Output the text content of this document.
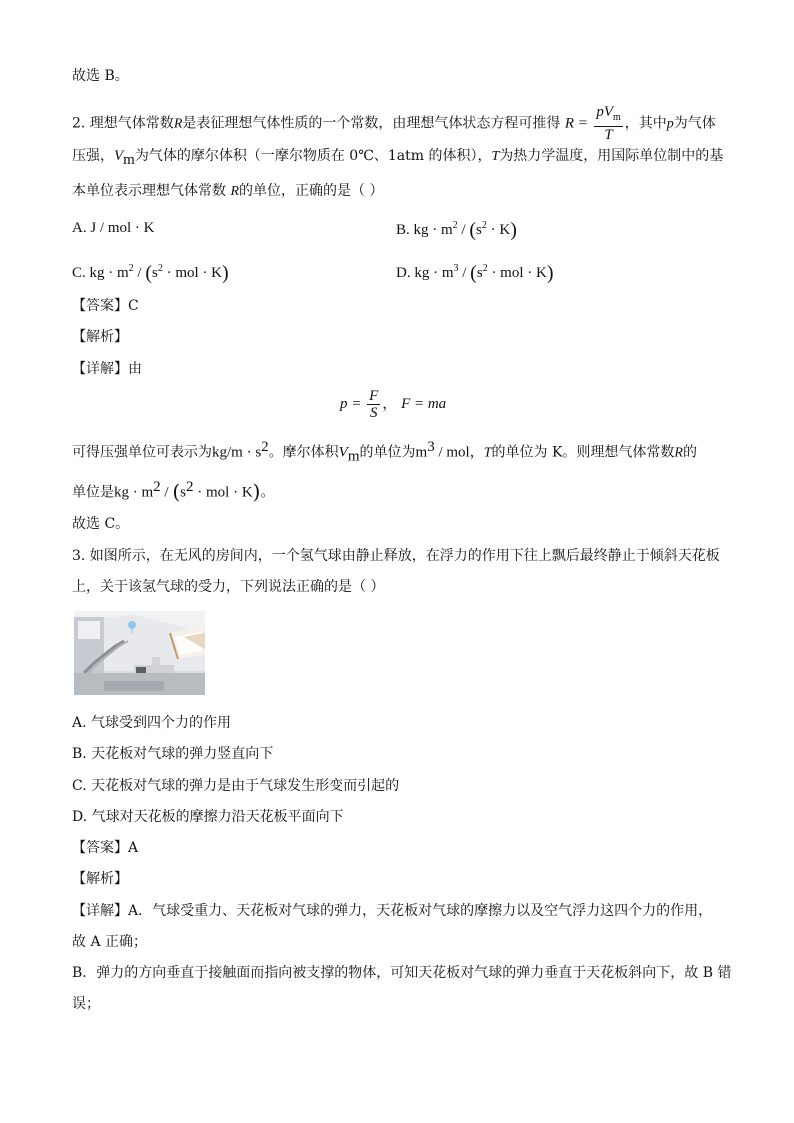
故选 B。
2. 理想气体常数R是表征理想气体性质的一个常数，由理想气体状态方程可推得 $R = \frac{pV_m}{T}$ ，其中p为气体
压强，$V_m$为气体的摩尔体积（一摩尔物质在 0℃、1atm 的体积），T为热力学温度，用国际单位制中的基
本单位表示理想气体常数 R的单位，正确的是（ ）
A. J / mol · K	B. kg · $m^2 / (s^2 \cdot K)$
C. kg · $m^2 / (s^2$ · mol · K)	D. kg · $m^3 / (s^2$ · mol · K)
【答案】C
【解析】
【详解】由
$p = \frac{F}{S}$ ， F = ma
可得压强单位可表示为$kg/m \cdot s^2$。摩尔体积$V_m$的单位为$m^3$ / mol，T的单位为 K。则理想气体常数R的
单位是kg · $m^2 / (s^2$ · mol · K)。
故选 C。
3. 如图所示，在无风的房间内，一个氢气球由静止释放，在浮力的作用下往上飘后最终静止于倾斜天花板
上，关于该氢气球的受力，下列说法正确的是（ ）
A. 气球受到四个力的作用
B. 天花板对气球的弹力竖直向下
C. 天花板对气球的弹力是由于气球发生形变而引起的
D. 气球对天花板的摩擦力沿天花板平面向下
【答案】A
【解析】
【详解】A．气球受重力、天花板对气球的弹力，天花板对气球的摩擦力以及空气浮力这四个力的作用，
故 A 正确；
B．弹力的方向垂直于接触面而指向被支撑的物体，可知天花板对气球的弹力垂直于天花板斜向下，故 B 错
误；
